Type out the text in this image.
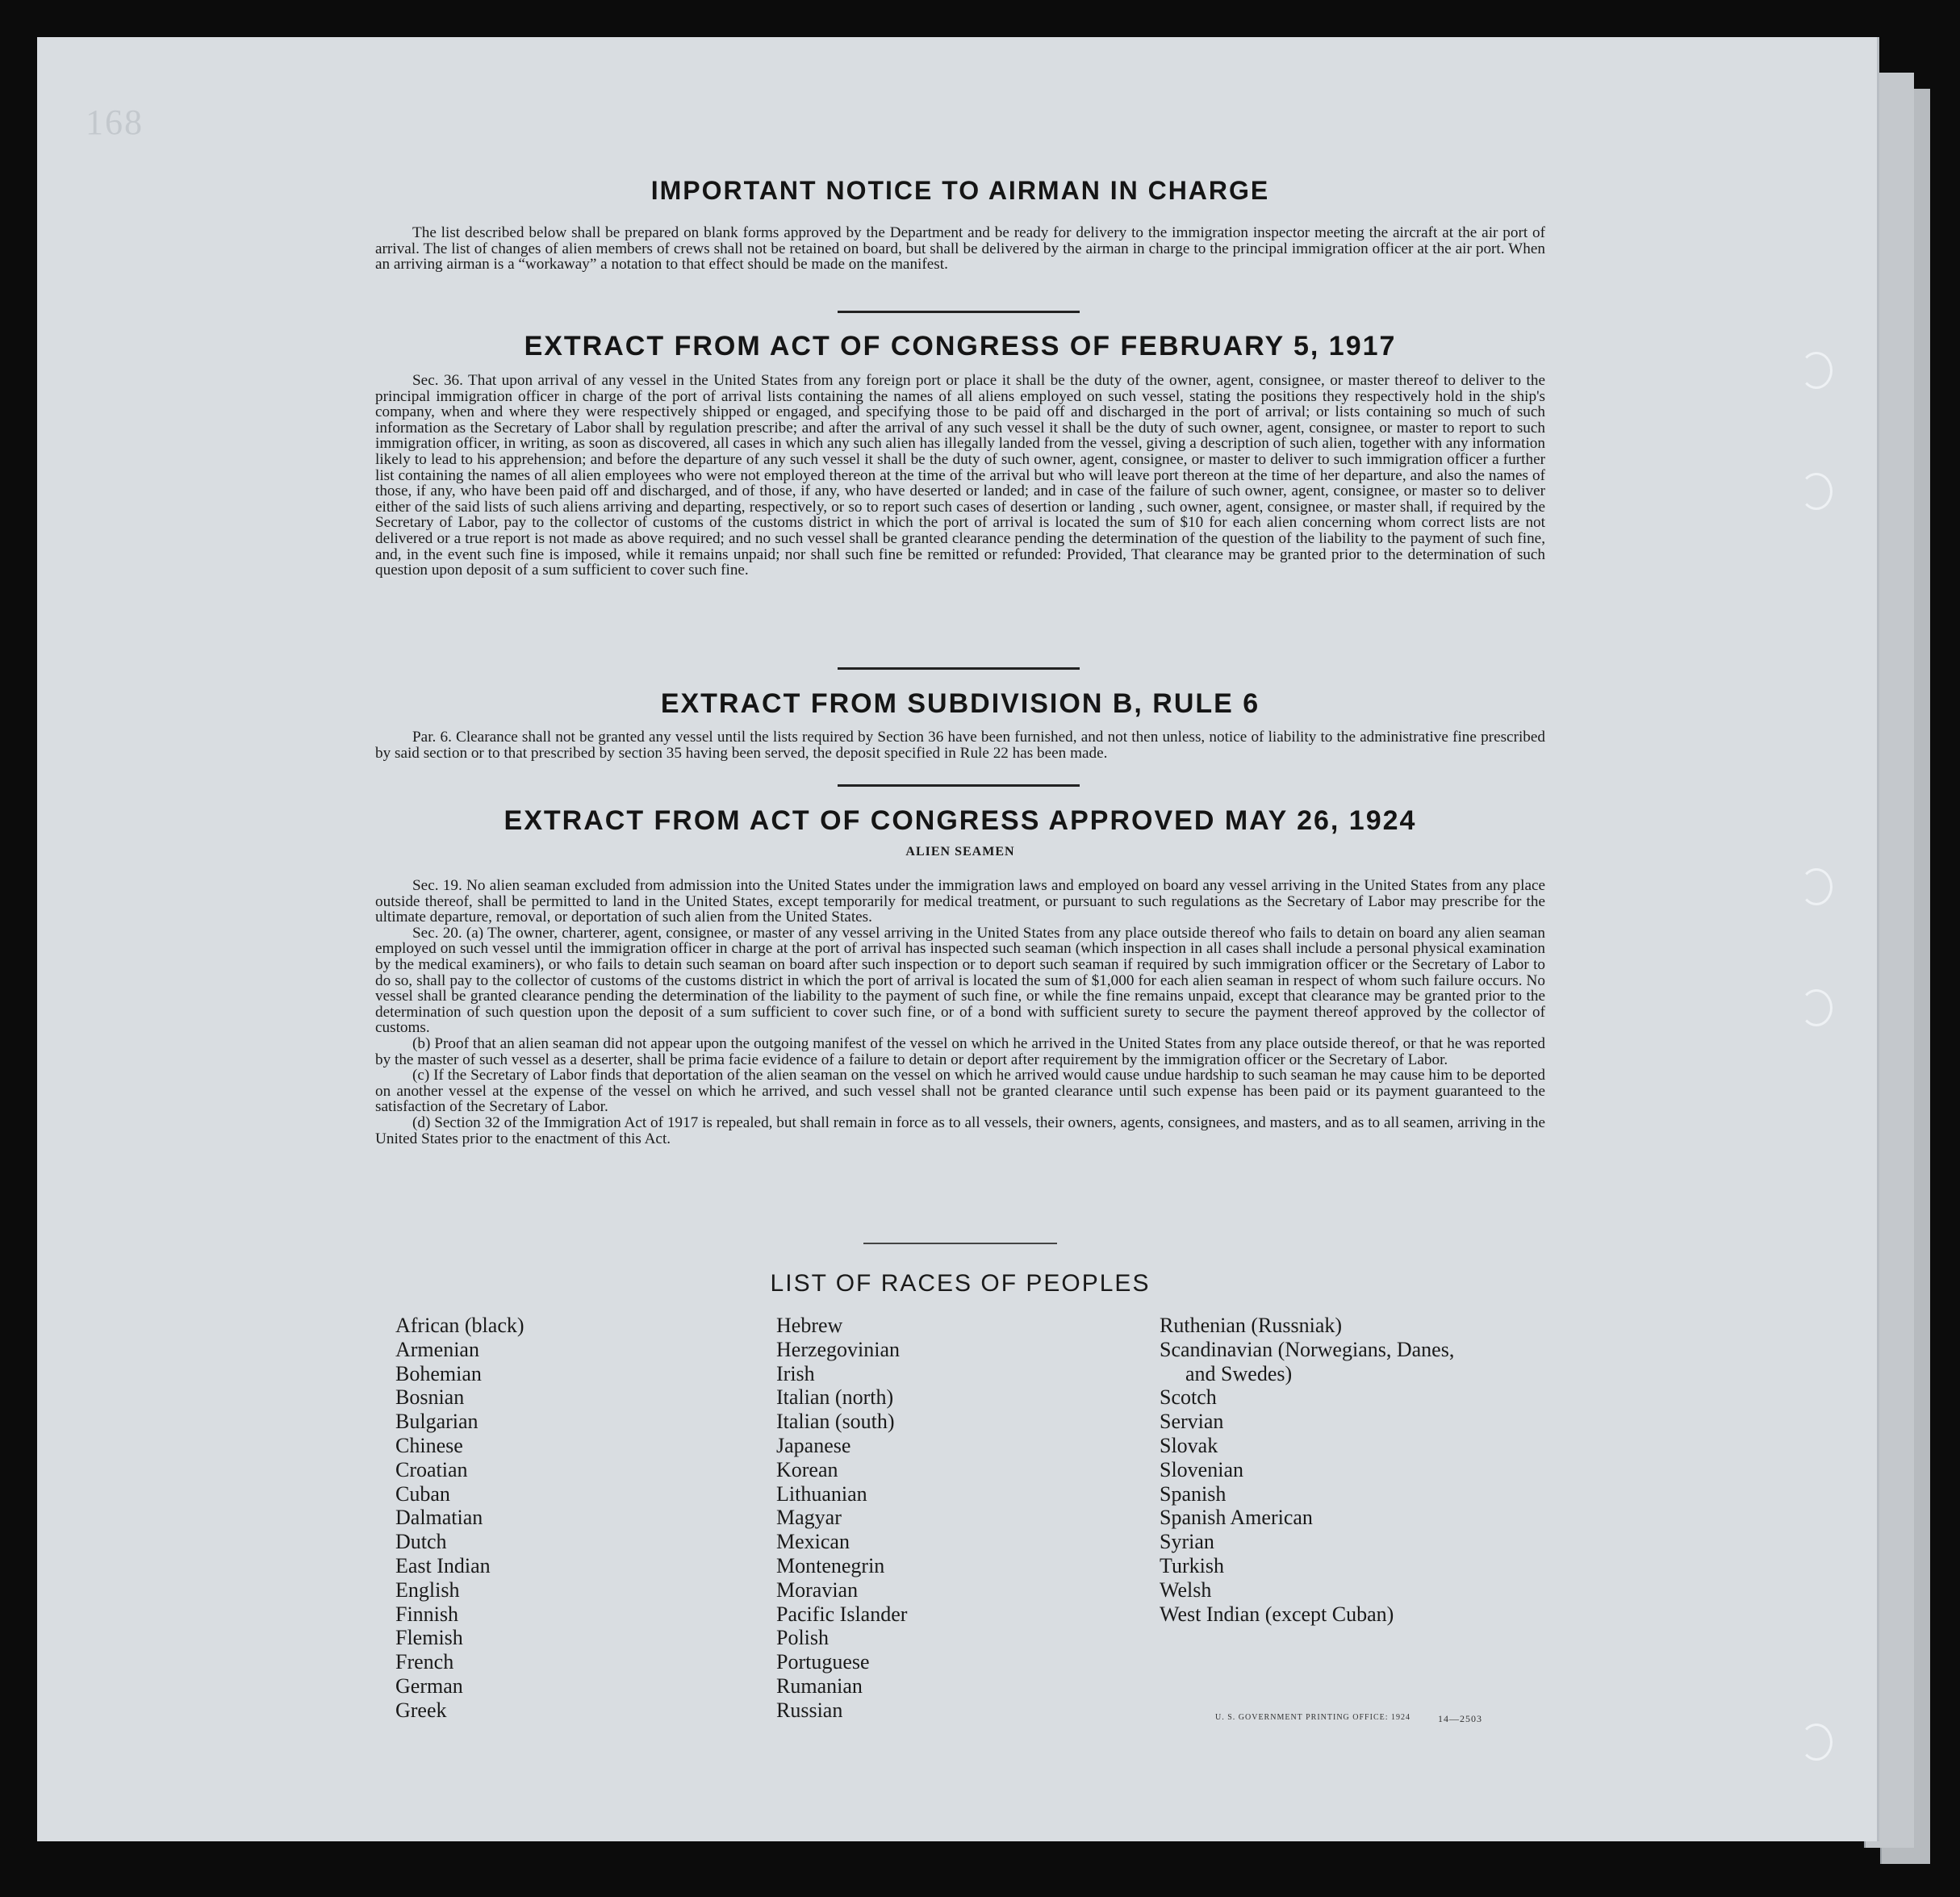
168
IMPORTANT NOTICE TO AIRMAN IN CHARGE

The list described below shall be prepared on blank forms approved by the Department and be ready for delivery to the immigration inspector meeting the aircraft at the air port of arrival. The list of changes of alien members of crews shall not be retained on board, but shall be delivered by the airman in charge to the principal immigration officer at the air port. When an arriving airman is a “workaway” a notation to that effect should be made on the manifest.

EXTRACT FROM ACT OF CONGRESS OF FEBRUARY 5, 1917

Sec. 36. That upon arrival of any vessel in the United States from any foreign port or place it shall be the duty of the owner, agent, consignee, or master thereof to deliver to the principal immigration officer in charge of the port of arrival lists containing the names of all aliens employed on such vessel, stating the positions they respectively hold in the ship's company, when and where they were respectively shipped or engaged, and specifying those to be paid off and discharged in the port of arrival; or lists containing so much of such information as the Secretary of Labor shall by regulation prescribe; and after the arrival of any such vessel it shall be the duty of such owner, agent, consignee, or master to report to such immigration officer, in writing, as soon as discovered, all cases in which any such alien has illegally landed from the vessel, giving a description of such alien, together with any information likely to lead to his apprehension; and before the departure of any such vessel it shall be the duty of such owner, agent, consignee, or master to deliver to such immigration officer a further list containing the names of all alien employees who were not employed thereon at the time of the arrival but who will leave port thereon at the time of her departure, and also the names of those, if any, who have been paid off and discharged, and of those, if any, who have deserted or landed; and in case of the failure of such owner, agent, consignee, or master so to deliver either of the said lists of such aliens arriving and departing, respectively, or so to report such cases of desertion or landing , such owner, agent, consignee, or master shall, if required by the Secretary of Labor, pay to the collector of customs of the customs district in which the port of arrival is located the sum of $10 for each alien concerning whom correct lists are not delivered or a true report is not made as above required; and no such vessel shall be granted clearance pending the determination of the question of the liability to the payment of such fine, and, in the event such fine is imposed, while it remains unpaid; nor shall such fine be remitted or refunded: Provided, That clearance may be granted prior to the determination of such question upon deposit of a sum sufficient to cover such fine.

EXTRACT FROM SUBDIVISION B, RULE 6

Par. 6. Clearance shall not be granted any vessel until the lists required by Section 36 have been furnished, and not then unless, notice of liability to the administrative fine prescribed by said section or to that prescribed by section 35 having been served, the deposit specified in Rule 22 has been made.

EXTRACT FROM ACT OF CONGRESS APPROVED MAY 26, 1924
ALIEN SEAMEN

Sec. 19. No alien seaman excluded from admission into the United States under the immigration laws and employed on board any vessel arriving in the United States from any place outside thereof, shall be permitted to land in the United States, except temporarily for medical treatment, or pursuant to such regulations as the Secretary of Labor may prescribe for the ultimate departure, removal, or deportation of such alien from the United States.

Sec. 20. (a) The owner, charterer, agent, consignee, or master of any vessel arriving in the United States from any place outside thereof who fails to detain on board any alien seaman employed on such vessel until the immigration officer in charge at the port of arrival has inspected such seaman (which inspection in all cases shall include a personal physical examination by the medical examiners), or who fails to detain such seaman on board after such inspection or to deport such seaman if required by such immigration officer or the Secretary of Labor to do so, shall pay to the collector of customs of the customs district in which the port of arrival is located the sum of $1,000 for each alien seaman in respect of whom such failure occurs. No vessel shall be granted clearance pending the determination of the liability to the payment of such fine, or while the fine remains unpaid, except that clearance may be granted prior to the determination of such question upon the deposit of a sum sufficient to cover such fine, or of a bond with sufficient surety to secure the payment thereof approved by the collector of customs.

(b) Proof that an alien seaman did not appear upon the outgoing manifest of the vessel on which he arrived in the United States from any place outside thereof, or that he was reported by the master of such vessel as a deserter, shall be prima facie evidence of a failure to detain or deport after requirement by the immigration officer or the Secretary of Labor.

(c) If the Secretary of Labor finds that deportation of the alien seaman on the vessel on which he arrived would cause undue hardship to such seaman he may cause him to be deported on another vessel at the expense of the vessel on which he arrived, and such vessel shall not be granted clearance until such expense has been paid or its payment guaranteed to the satisfaction of the Secretary of Labor.

(d) Section 32 of the Immigration Act of 1917 is repealed, but shall remain in force as to all vessels, their owners, agents, consignees, and masters, and as to all seamen, arriving in the United States prior to the enactment of this Act.

LIST OF RACES OF PEOPLES
African (black)
Armenian
Bohemian
Bosnian
Bulgarian
Chinese
Croatian
Cuban
Dalmatian
Dutch
East Indian
English
Finnish
Flemish
French
German
Greek
Hebrew
Herzegovinian
Irish
Italian (north)
Italian (south)
Japanese
Korean
Lithuanian
Magyar
Mexican
Montenegrin
Moravian
Pacific Islander
Polish
Portuguese
Rumanian
Russian
Ruthenian (Russniak)
Scandinavian (Norwegians, Danes,
and Swedes)
Scotch
Servian
Slovak
Slovenian
Spanish
Spanish American
Syrian
Turkish
Welsh
West Indian (except Cuban)
U. S. GOVERNMENT PRINTING OFFICE: 1924	14—2503
